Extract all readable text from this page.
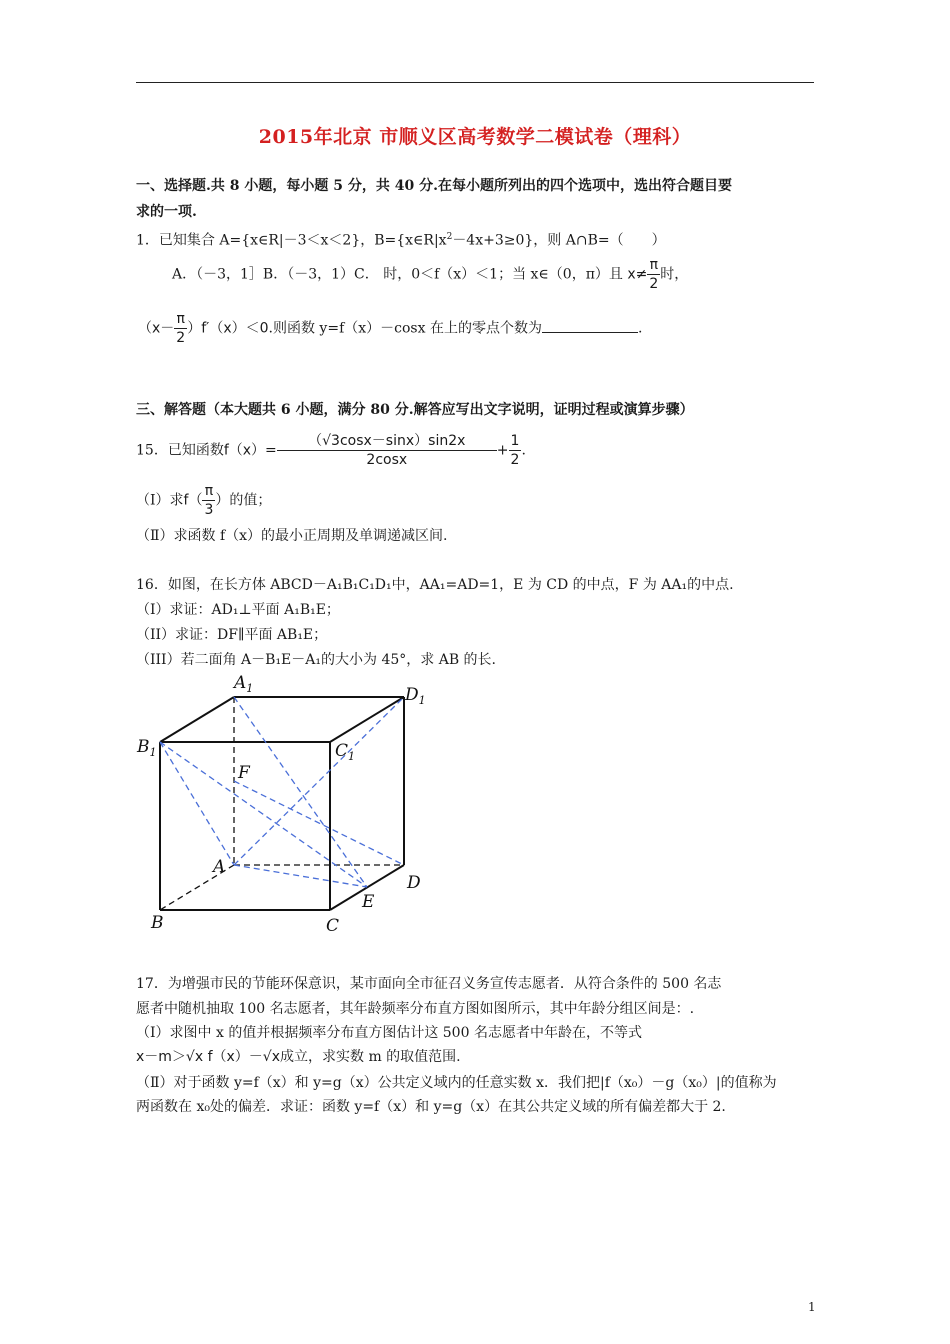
2015年北京 市顺义区高考数学二模试卷（理科）
一、选择题.共 8 小题，每小题 5 分，共 40 分.在每小题所列出的四个选项中，选出符合题目要
求的一项.
1．已知集合 A={x∈R|－3＜x＜2}，$B=\{x\in R|x^2-4x+3\ge 0\}$，则 A∩B=（　　）
A．（－3，1］B．（－3，1）C． 时，0＜f（x）＜1；当 x∈（0，π）且 $x\ne \frac{\pi}{2}$ 时，
$(x- \frac{\pi}{2} )f'(x)<0$.则函数 y=f（x）－cosx 在上的零点个数为	.
三、解答题（本大题共 6 小题，满分 80 分.解答应写出文字说明，证明过程或演算步骤）
15．已知函数$f(x)= \frac{(√3\cos x-\sin x)\sin 2x}{2\cos x} + \frac{1}{2}$ .
（Ⅰ）求$f( \frac{\pi}{3}$ ）的值；
（Ⅱ）求函数 f（x）的最小正周期及单调递减区间.
16．如图，在长方体 ABCD－A₁B₁C₁D₁中，AA₁=AD=1，E 为 CD 的中点，F 为 AA₁的中点.
（I）求证：AD₁⊥平面 A₁B₁E；
（II）求证：DF∥平面 AB₁E；
（III）若二面角 A－B₁E－A₁的大小为 45°，求 AB 的长.
$A_1$	$D_1$
$B_1$	$C_1$
F
A
D
E
B	C
17．为增强市民的节能环保意识，某市面向全市征召义务宣传志愿者．从符合条件的 500 名志
愿者中随机抽取 100 名志愿者，其年龄频率分布直方图如图所示，其中年龄分组区间是：.
（Ⅰ）求图中 x 的值并根据频率分布直方图估计这 500 名志愿者中年龄在，不等式
x－m＞√x f（x）－√x成立，求实数 m 的取值范围.
（Ⅱ）对于函数 y=f（x）和 y=g（x）公共定义域内的任意实数 x．我们把|f（x₀）－g（x₀）|的值称为
两函数在 x₀处的偏差．求证：函数 y=f（x）和 y=g（x）在其公共定义域的所有偏差都大于 2.
1
